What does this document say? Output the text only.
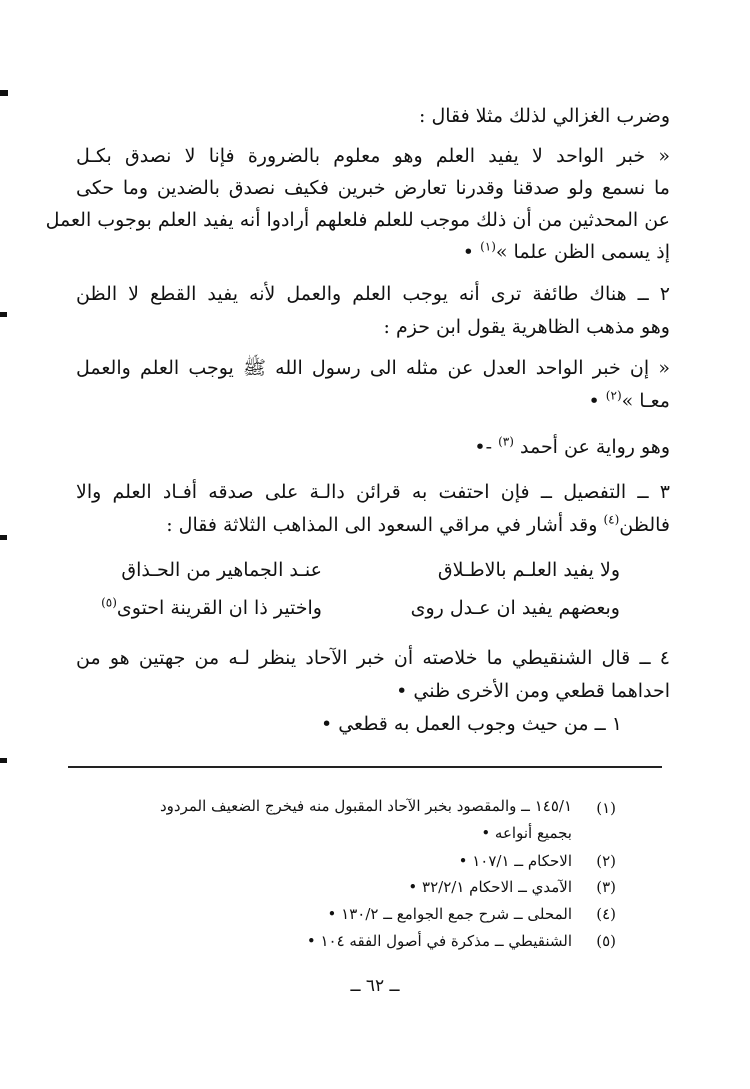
وضرب الغزالي لذلك مثلا فقال :
« خبر الواحد لا يفيد العلم وهو معلوم بالضرورة فإنا لا نصدق بكـل
ما نسمع ولو صدقنا وقدرنا تعارض خبرين فكيف نصدق بالضدين وما حكى
عن المحدثين من أن ذلك موجب للعلم فلعلهم أرادوا أنه يفيد العلم بوجوب العمل
إذ يسمى الظن علما »$^{(١)}$ •
٢ ــ هناك طائفة ترى أنه يوجب العلم والعمل لأنه يفيد القطع لا الظن
وهو مذهب الظاهرية يقول ابن حزم :
« إن خبر الواحد العدل عن مثله الى رسول الله ﷺ يوجب العلم والعمل
معـا »$^{(٢)}$ •
وهو رواية عن أحمد $^{(٣)}$ -•
٣ ــ التفصيل ــ فإن احتفت به قرائن دالـة على صدقه أفـاد العلم والا
فالظن$^{(٤)}$ وقد أشار في مراقي السعود الى المذاهب الثلاثة فقال :
ولا يفيد العلـم بالاطـلاق
عنـد الجماهير من الحـذاق
وبعضهم يفيد ان عـدل روى
واختير ذا ان القرينة احتوى$^{(٥)}$
٤ ــ قال الشنقيطي ما خلاصته أن خبر الآحاد ينظر لـه من جهتين هو من
احداهما قطعي ومن الأخرى ظني •
١ ــ من حيث وجوب العمل به قطعي •
(١)
١٤٥/١ ــ والمقصود بخبر الآحاد المقبول منه فيخرج الضعيف المردود
بجميع أنواعه •
(٢)
الاحكام ــ ١٠٧/١ •
(٣)
الآمدي ــ الاحكام ٣٢/٢/١ •
(٤)
المحلى ــ شرح جمع الجوامع ــ ١٣٠/٢ •
(٥)
الشنقيطي ــ مذكرة في أصول الفقه ١٠٤ •
ــ ٦٢ ــ
